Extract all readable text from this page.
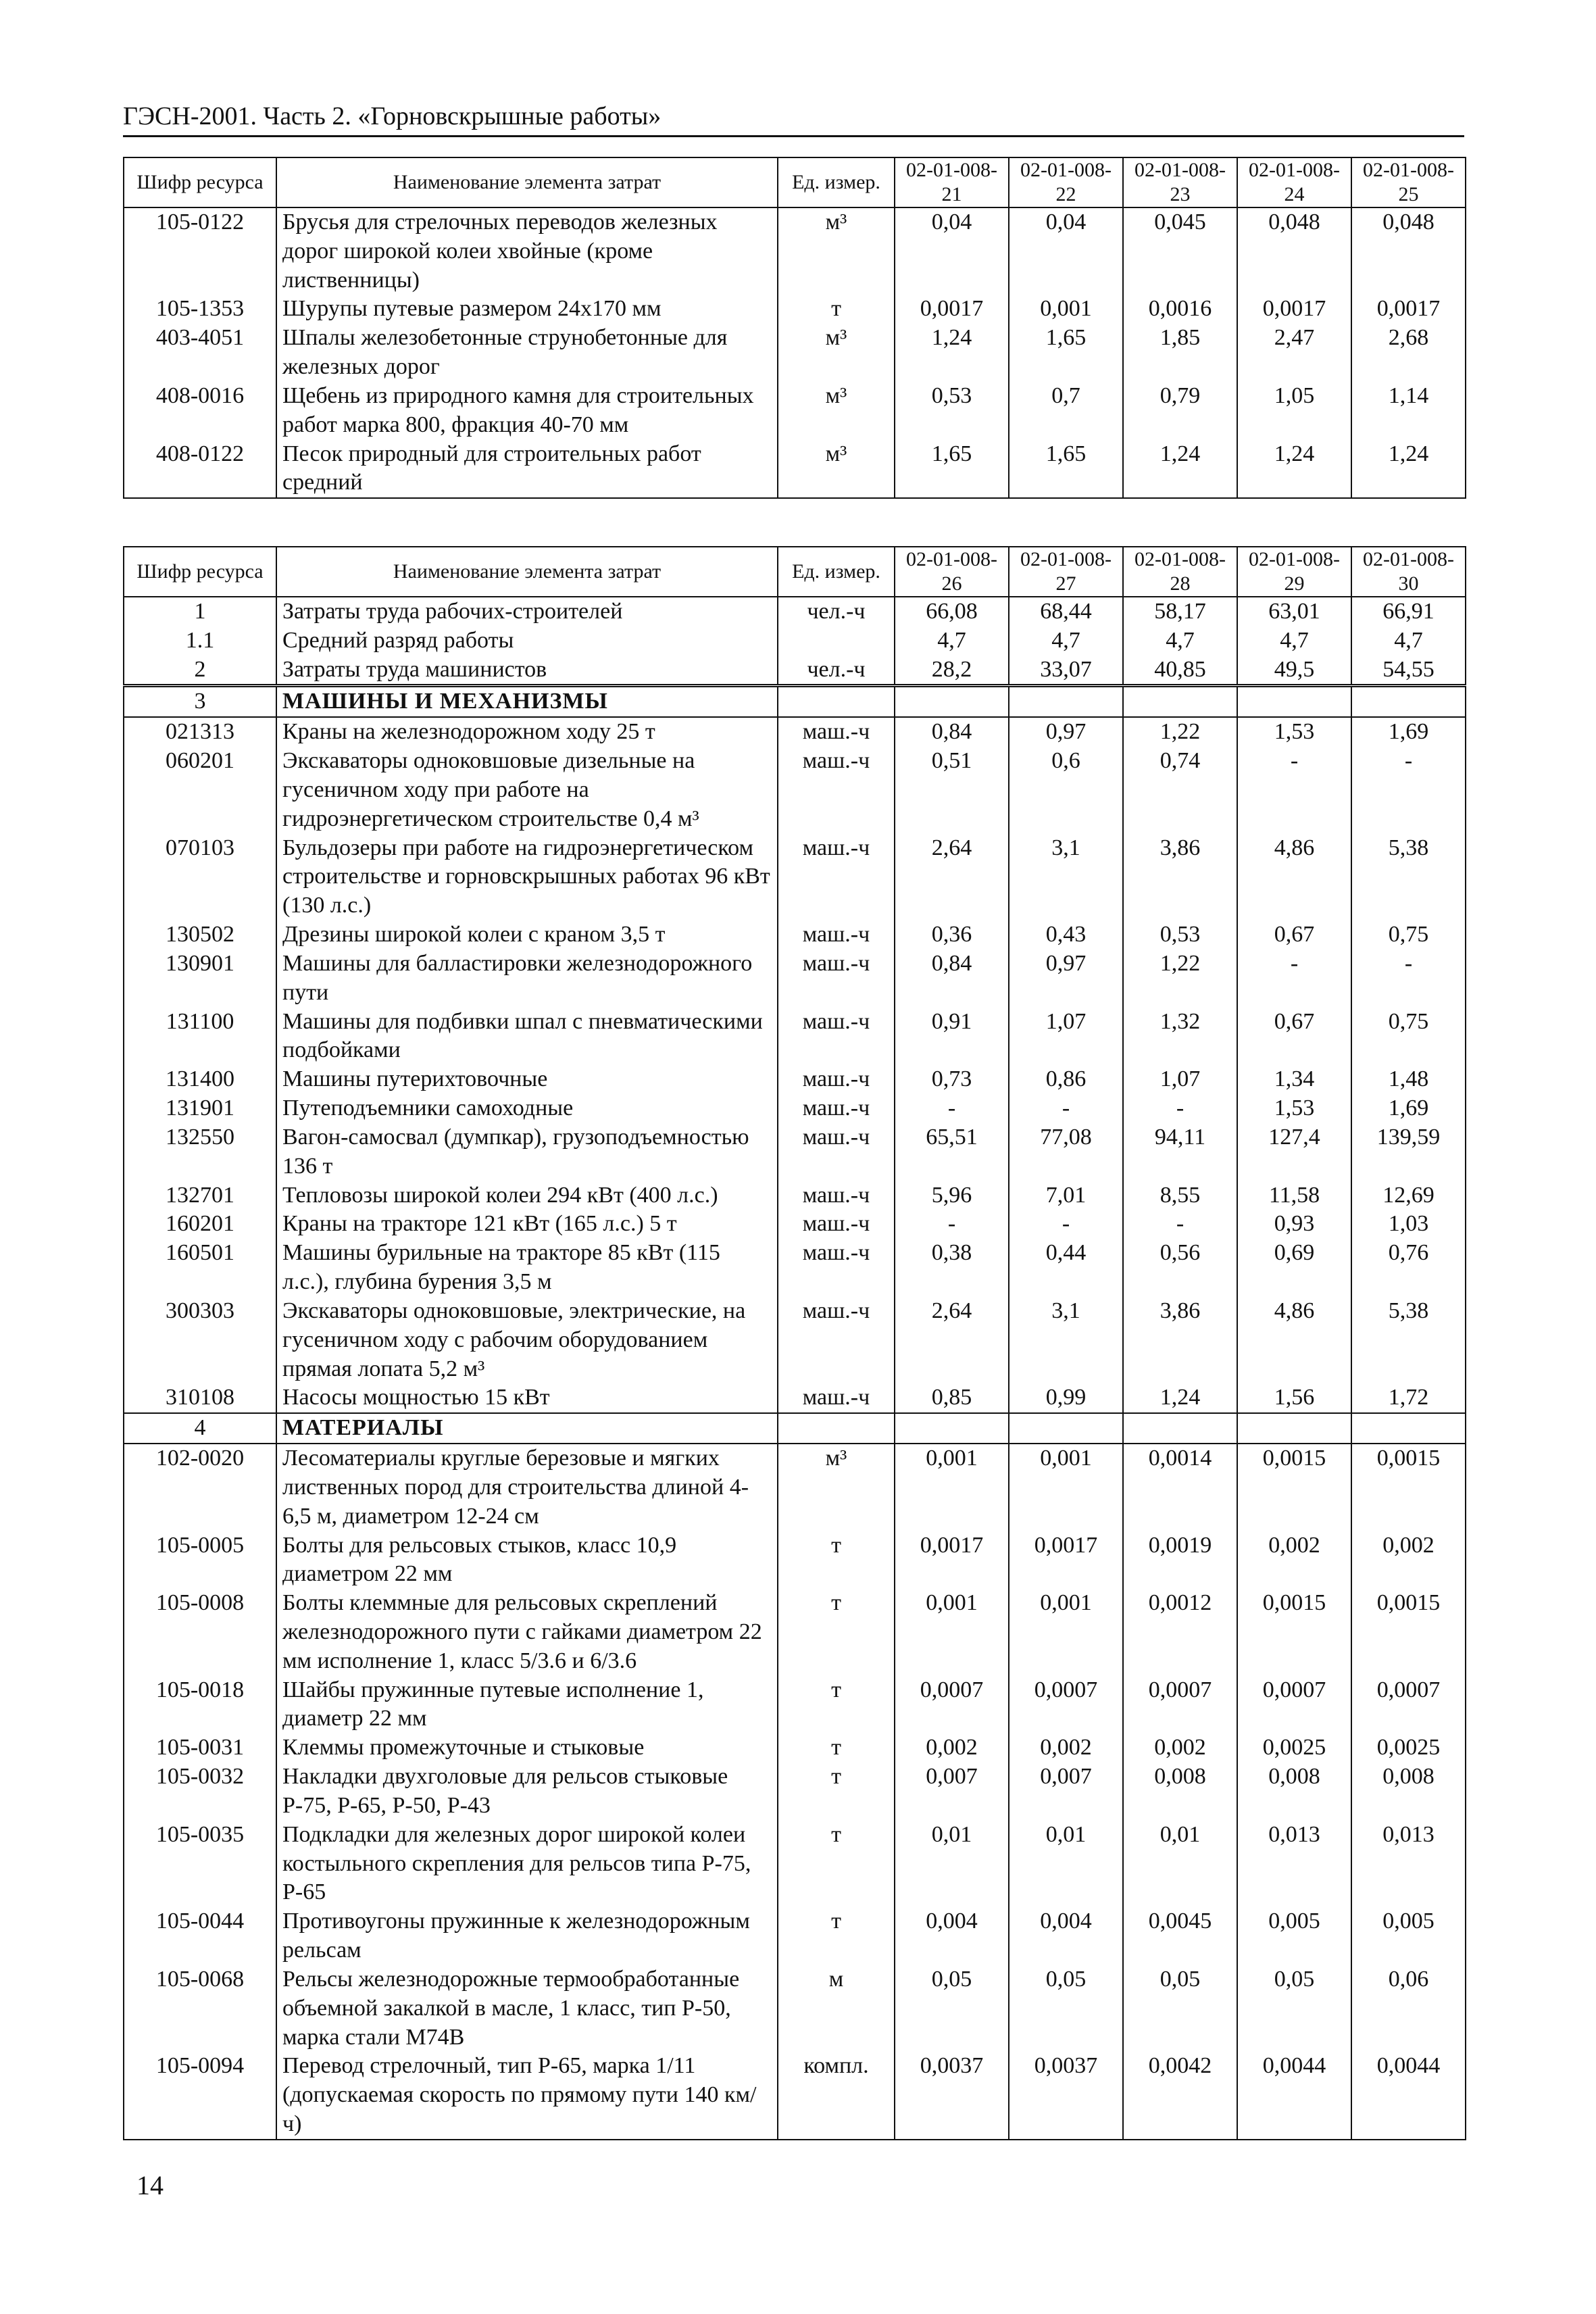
ГЭСН-2001. Часть 2. «Горновскрышные работы»
Шифр ресурса	Наименование элемента затрат	Ед. измер.	02-01-008-21	02-01-008-22	02-01-008-23	02-01-008-24	02-01-008-25
105-0122	Брусья для стрелочных переводов железных дорог широкой колеи хвойные (кроме лиственницы)	м³	0,04	0,04	0,045	0,048	0,048
105-1353	Шурупы путевые размером 24х170 мм	т	0,0017	0,001	0,0016	0,0017	0,0017
403-4051	Шпалы железобетонные струнобетонные для железных дорог	м³	1,24	1,65	1,85	2,47	2,68
408-0016	Щебень из природного камня для строительных работ марка 800, фракция 40-70 мм	м³	0,53	0,7	0,79	1,05	1,14
408-0122	Песок природный для строительных работ средний	м³	1,65	1,65	1,24	1,24	1,24
Шифр ресурса	Наименование элемента затрат	Ед. измер.	02-01-008-26	02-01-008-27	02-01-008-28	02-01-008-29	02-01-008-30
1	Затраты труда рабочих-строителей	чел.-ч	66,08	68,44	58,17	63,01	66,91
1.1	Средний разряд работы		4,7	4,7	4,7	4,7	4,7
2	Затраты труда машинистов	чел.-ч	28,2	33,07	40,85	49,5	54,55
3	МАШИНЫ И МЕХАНИЗМЫ						
021313	Краны на железнодорожном ходу 25 т	маш.-ч	0,84	0,97	1,22	1,53	1,69
060201	Экскаваторы одноковшовые дизельные на гусеничном ходу при работе на гидроэнергетическом строительстве 0,4 м³	маш.-ч	0,51	0,6	0,74	-	-
070103	Бульдозеры при работе на гидроэнергетическом строительстве и горновскрышных работах 96 кВт (130 л.с.)	маш.-ч	2,64	3,1	3,86	4,86	5,38
130502	Дрезины широкой колеи с краном 3,5 т	маш.-ч	0,36	0,43	0,53	0,67	0,75
130901	Машины для балластировки железнодорожного пути	маш.-ч	0,84	0,97	1,22	-	-
131100	Машины для подбивки шпал с пневматическими подбойками	маш.-ч	0,91	1,07	1,32	0,67	0,75
131400	Машины путерихтовочные	маш.-ч	0,73	0,86	1,07	1,34	1,48
131901	Путеподъемники самоходные	маш.-ч	-	-	-	1,53	1,69
132550	Вагон-самосвал (думпкар), грузоподъемностью 136 т	маш.-ч	65,51	77,08	94,11	127,4	139,59
132701	Тепловозы широкой колеи 294 кВт (400 л.с.)	маш.-ч	5,96	7,01	8,55	11,58	12,69
160201	Краны на тракторе 121 кВт (165 л.с.) 5 т	маш.-ч	-	-	-	0,93	1,03
160501	Машины бурильные на тракторе 85 кВт (115 л.с.), глубина бурения 3,5 м	маш.-ч	0,38	0,44	0,56	0,69	0,76
300303	Экскаваторы одноковшовые, электрические, на гусеничном ходу с рабочим оборудованием прямая лопата 5,2 м³	маш.-ч	2,64	3,1	3,86	4,86	5,38
310108	Насосы мощностью 15 кВт	маш.-ч	0,85	0,99	1,24	1,56	1,72
4	МАТЕРИАЛЫ						
102-0020	Лесоматериалы круглые березовые и мягких лиственных пород для строительства длиной 4-6,5 м, диаметром 12-24 см	м³	0,001	0,001	0,0014	0,0015	0,0015
105-0005	Болты для рельсовых стыков, класс 10,9 диаметром 22 мм	т	0,0017	0,0017	0,0019	0,002	0,002
105-0008	Болты клеммные для рельсовых скреплений железнодорожного пути с гайками диаметром 22 мм исполнение 1, класс 5/3.6 и 6/3.6	т	0,001	0,001	0,0012	0,0015	0,0015
105-0018	Шайбы пружинные путевые исполнение 1, диаметр 22 мм	т	0,0007	0,0007	0,0007	0,0007	0,0007
105-0031	Клеммы промежуточные и стыковые	т	0,002	0,002	0,002	0,0025	0,0025
105-0032	Накладки двухголовые для рельсов стыковые Р-75, Р-65, Р-50, Р-43	т	0,007	0,007	0,008	0,008	0,008
105-0035	Подкладки для железных дорог широкой колеи костыльного скрепления для рельсов типа Р-75, Р-65	т	0,01	0,01	0,01	0,013	0,013
105-0044	Противоугоны пружинные к железнодорожным рельсам	т	0,004	0,004	0,0045	0,005	0,005
105-0068	Рельсы железнодорожные термообработанные объемной закалкой в масле, 1 класс, тип Р-50, марка стали М74В	м	0,05	0,05	0,05	0,05	0,06
105-0094	Перевод стрелочный, тип Р-65, марка 1/11 (допускаемая скорость по прямому пути 140 км/ч)	компл.	0,0037	0,0037	0,0042	0,0044	0,0044
14
